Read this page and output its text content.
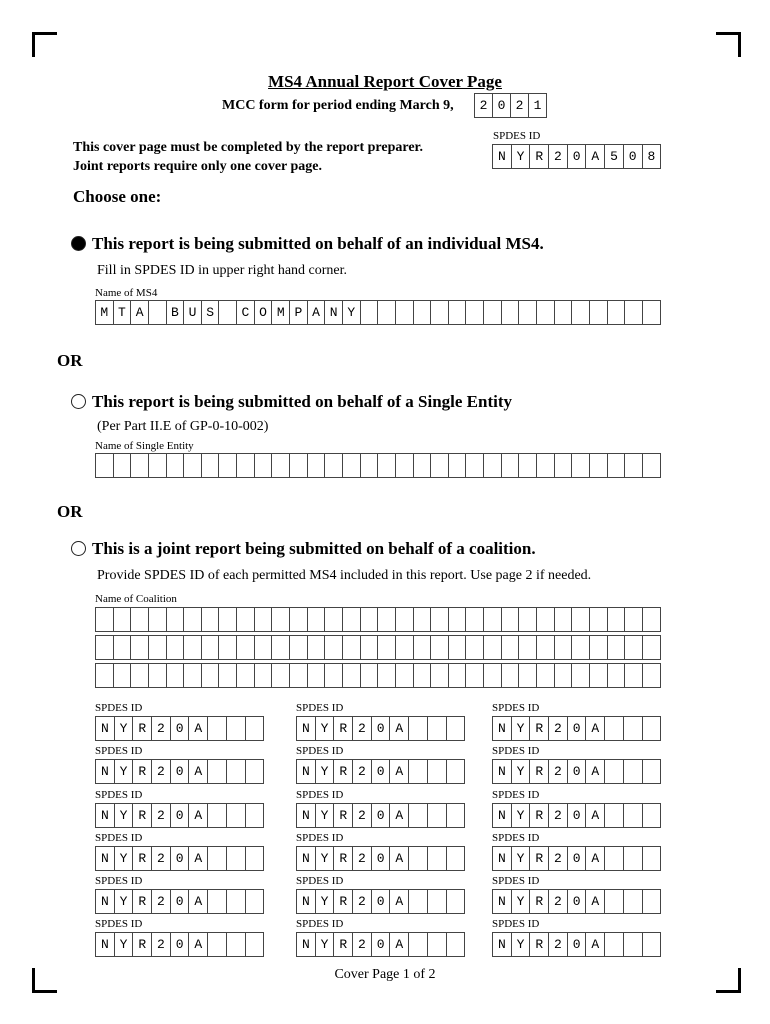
MS4 Annual Report Cover Page
MCC form for period ending March 9,	2 0 2 1
This cover page must be completed by the report preparer.
Joint reports require only one cover page.
SPDES ID
N Y R 2 0 A 5 0 8
Choose one:
This report is being submitted on behalf of an individual MS4.
Fill in SPDES ID in upper right hand corner.
Name of MS4
M T A	B U S	C O M P A N Y
OR
This report is being submitted on behalf of a Single Entity
(Per Part II.E of GP-0-10-002)
Name of Single Entity
OR
This is a joint report being submitted on behalf of a coalition.
Provide SPDES ID of each permitted MS4 included in this report. Use page 2 if needed.
Name of Coalition
SPDES ID
N Y R 2 0 A
SPDES ID
N Y R 2 0 A
SPDES ID
N Y R 2 0 A
SPDES ID
N Y R 2 0 A
SPDES ID
N Y R 2 0 A
SPDES ID
N Y R 2 0 A
SPDES ID
N Y R 2 0 A
SPDES ID
N Y R 2 0 A
SPDES ID
N Y R 2 0 A
SPDES ID
N Y R 2 0 A
SPDES ID
N Y R 2 0 A
SPDES ID
N Y R 2 0 A
SPDES ID
N Y R 2 0 A
SPDES ID
N Y R 2 0 A
SPDES ID
N Y R 2 0 A
SPDES ID
N Y R 2 0 A
SPDES ID
N Y R 2 0 A
SPDES ID
N Y R 2 0 A
Cover Page 1 of 2
